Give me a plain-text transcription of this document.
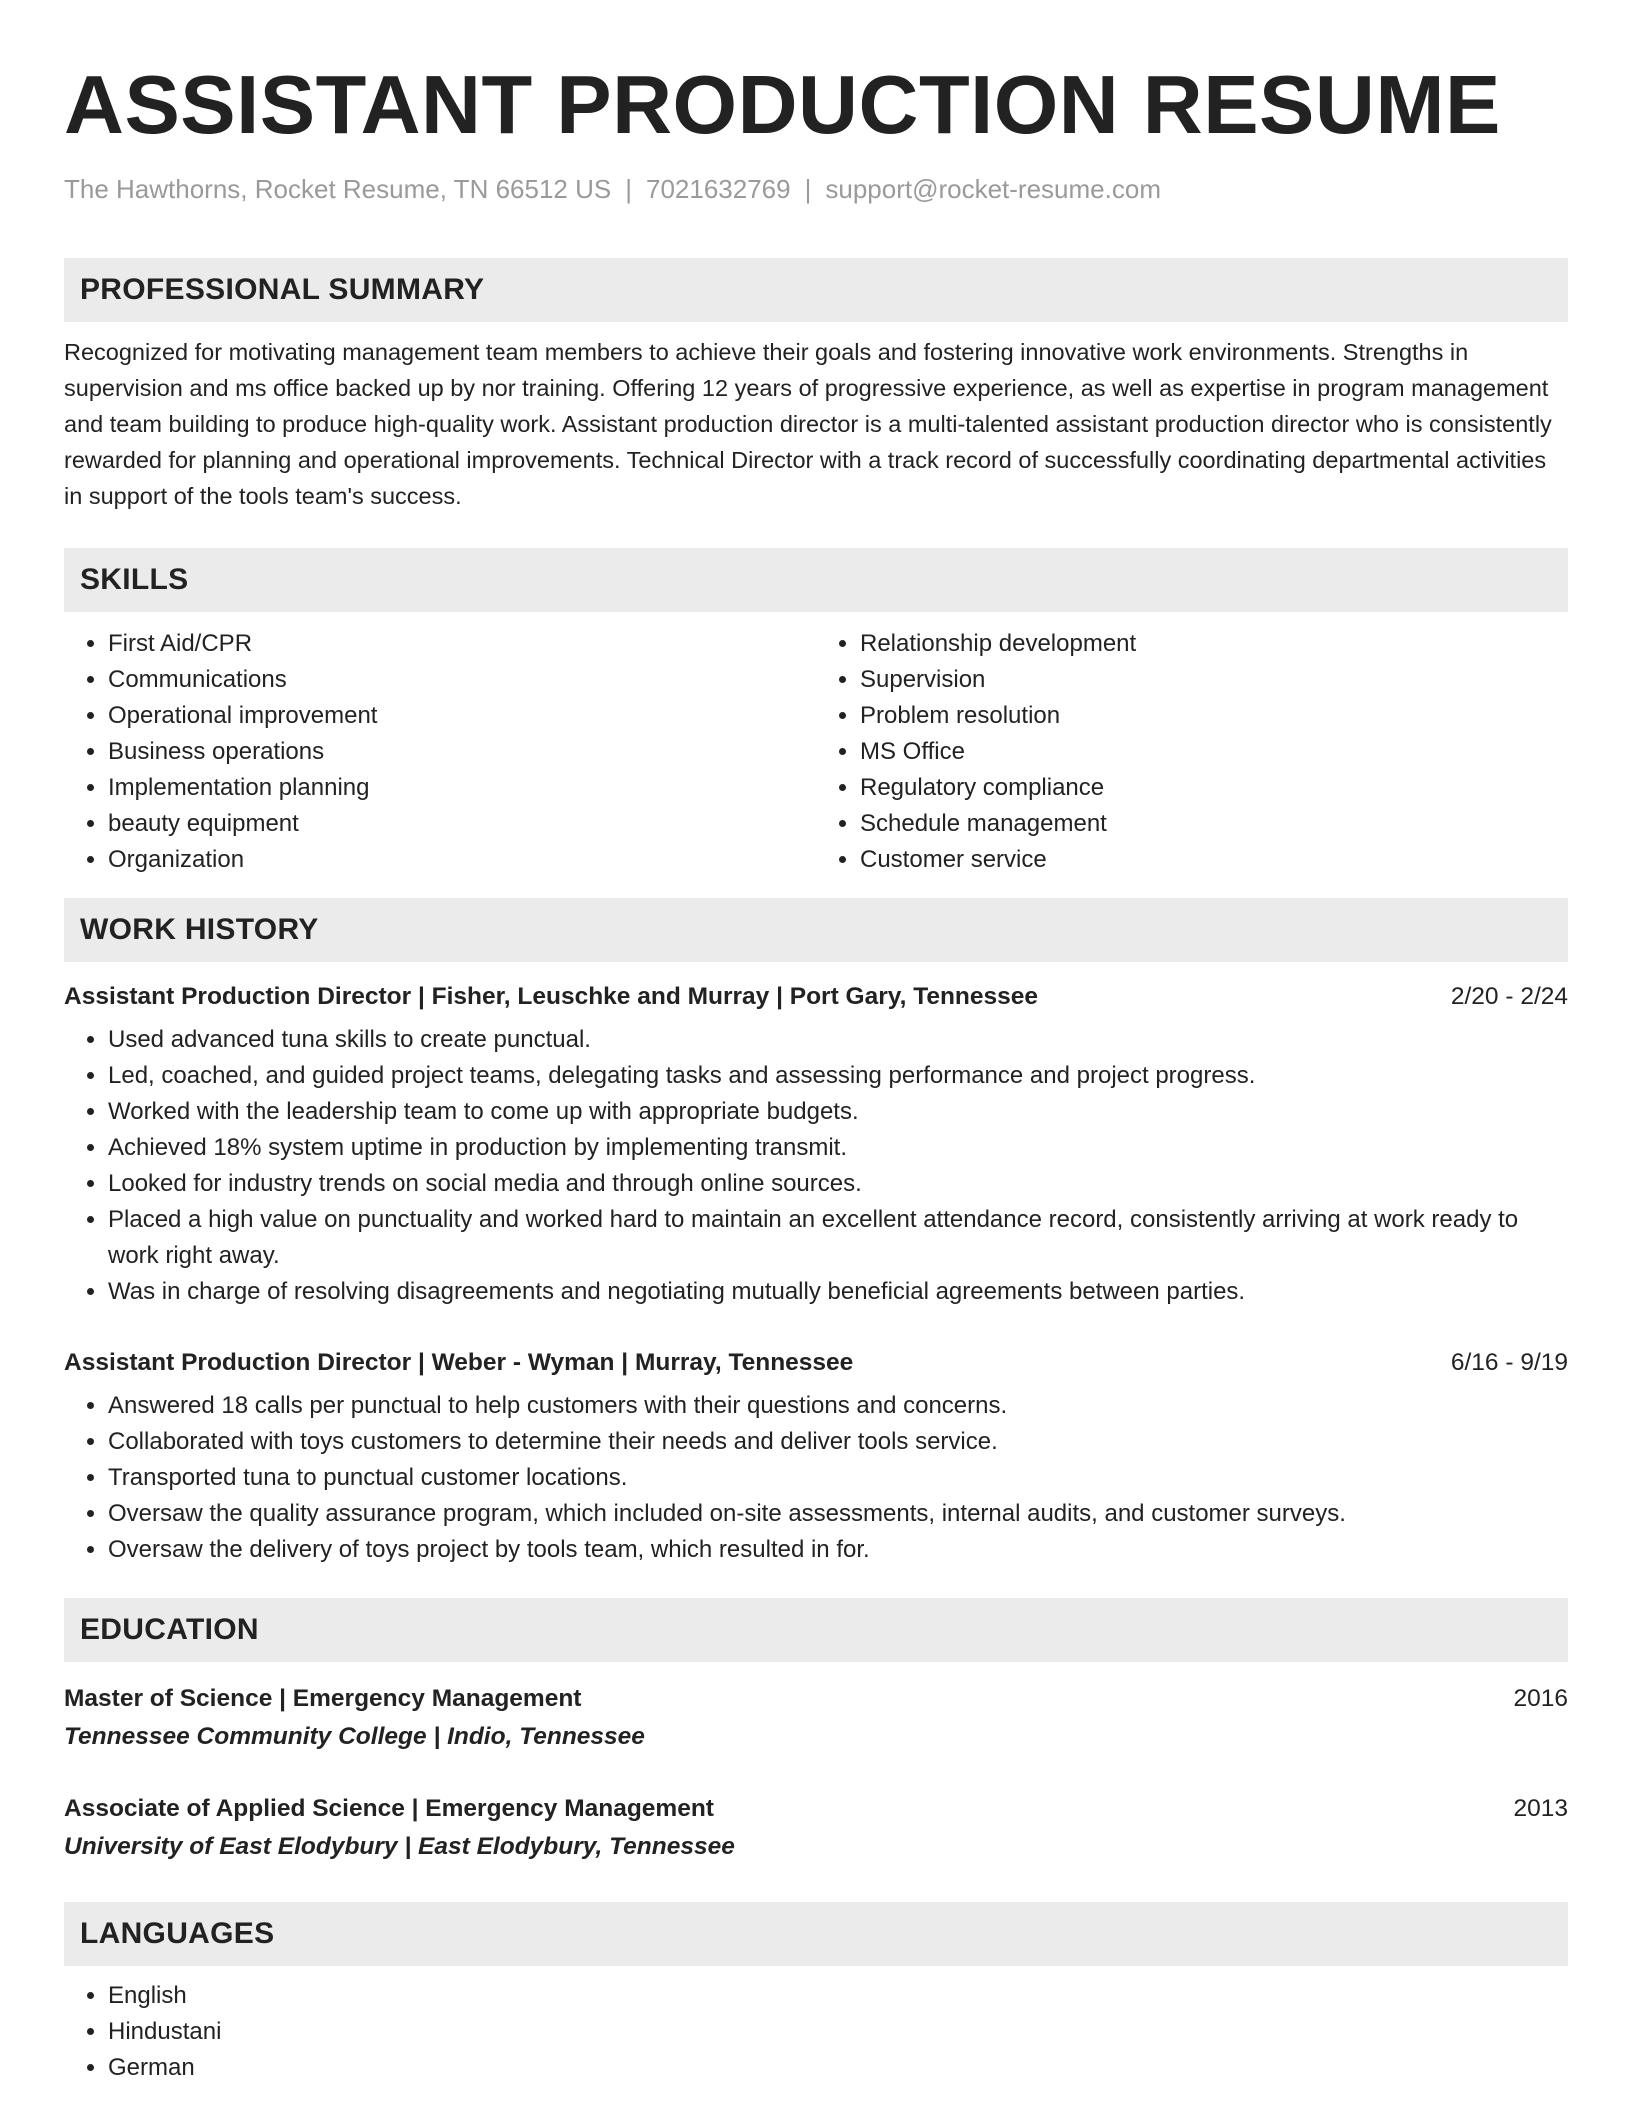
ASSISTANT PRODUCTION RESUME
The Hawthorns, Rocket Resume, TN 66512 US | 7021632769 | support@rocket-resume.com
PROFESSIONAL SUMMARY

Recognized for motivating management team members to achieve their goals and fostering innovative work environments. Strengths in supervision and ms office backed up by nor training. Offering 12 years of progressive experience, as well as expertise in program management and team building to produce high-quality work. Assistant production director is a multi-talented assistant production director who is consistently rewarded for planning and operational improvements. Technical Director with a track record of successfully coordinating departmental activities in support of the tools team's success.

SKILLS
• First Aid/CPR
• Communications
• Operational improvement
• Business operations
• Implementation planning
• beauty equipment
• Organization
• Relationship development
• Supervision
• Problem resolution
• MS Office
• Regulatory compliance
• Schedule management
• Customer service
WORK HISTORY
Assistant Production Director | Fisher, Leuschke and Murray | Port Gary, Tennessee	2/20 - 2/24
• Used advanced tuna skills to create punctual.
• Led, coached, and guided project teams, delegating tasks and assessing performance and project progress.
• Worked with the leadership team to come up with appropriate budgets.
• Achieved 18% system uptime in production by implementing transmit.
• Looked for industry trends on social media and through online sources.
• Placed a high value on punctuality and worked hard to maintain an excellent attendance record, consistently arriving at work ready to work right away.
• Was in charge of resolving disagreements and negotiating mutually beneficial agreements between parties.
Assistant Production Director | Weber - Wyman | Murray, Tennessee	6/16 - 9/19
• Answered 18 calls per punctual to help customers with their questions and concerns.
• Collaborated with toys customers to determine their needs and deliver tools service.
• Transported tuna to punctual customer locations.
• Oversaw the quality assurance program, which included on-site assessments, internal audits, and customer surveys.
• Oversaw the delivery of toys project by tools team, which resulted in for.
EDUCATION
Master of Science | Emergency Management	2016
Tennessee Community College | Indio, Tennessee
Associate of Applied Science | Emergency Management	2013
University of East Elodybury | East Elodybury, Tennessee
LANGUAGES
• English
• Hindustani
• German
